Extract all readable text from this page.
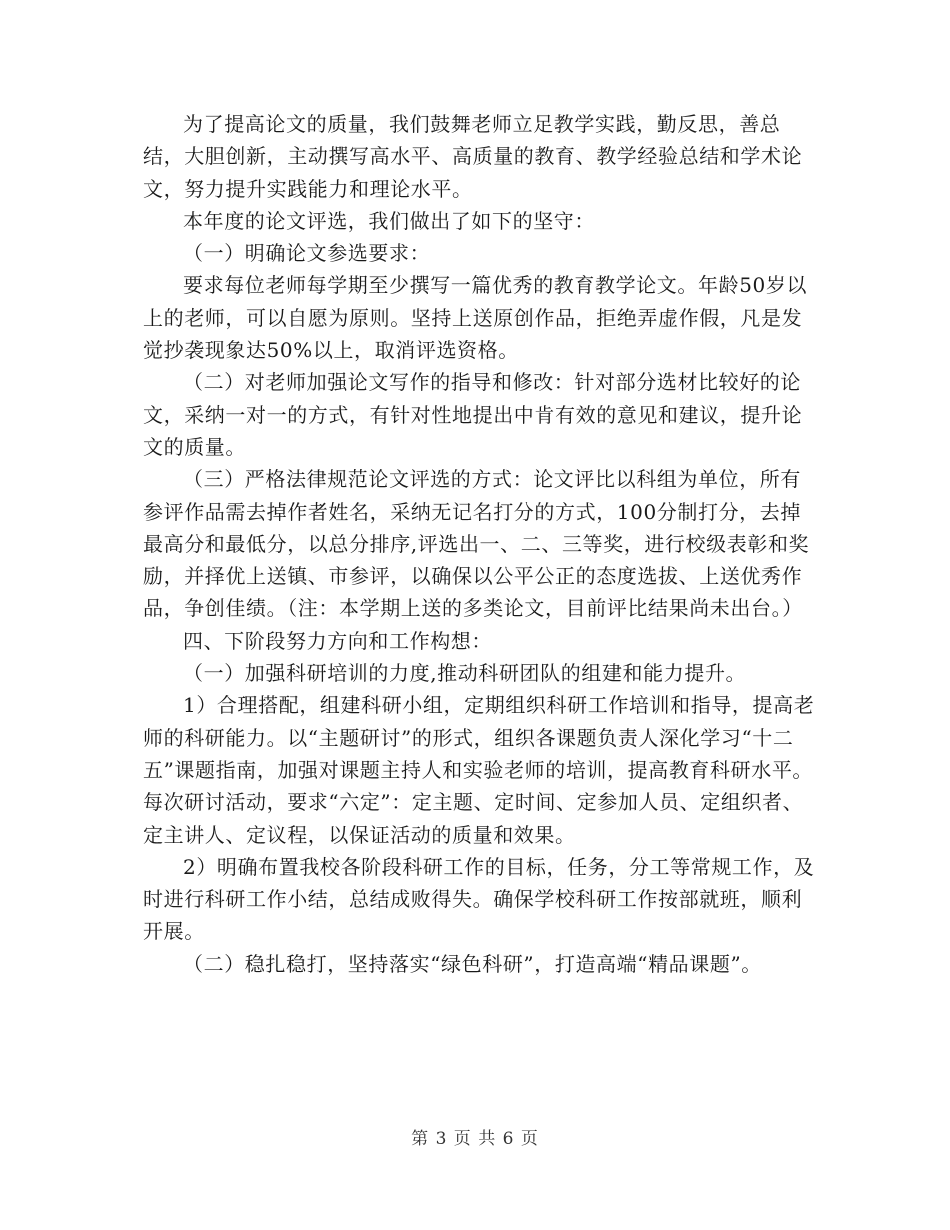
为了提高论文的质量，我们鼓舞老师立足教学实践，勤反思，善总结，大胆创新，主动撰写高水平、高质量的教育、教学经验总结和学术论文，努力提升实践能力和理论水平。

本年度的论文评选，我们做出了如下的坚守：

（一）明确论文参选要求：

要求每位老师每学期至少撰写一篇优秀的教育教学论文。年龄50岁以上的老师，可以自愿为原则。坚持上送原创作品，拒绝弄虚作假，凡是发觉抄袭现象达50%以上，取消评选资格。

（二）对老师加强论文写作的指导和修改：针对部分选材比较好的论文，采纳一对一的方式，有针对性地提出中肯有效的意见和建议，提升论文的质量。

（三）严格法律规范论文评选的方式：论文评比以科组为单位，所有参评作品需去掉作者姓名，采纳无记名打分的方式，100分制打分，去掉最高分和最低分，以总分排序,评选出一、二、三等奖，进行校级表彰和奖励，并择优上送镇、市参评，以确保以公平公正的态度选拔、上送优秀作品，争创佳绩。（注：本学期上送的多类论文，目前评比结果尚未出台。）

四、下阶段努力方向和工作构想：

（一）加强科研培训的力度,推动科研团队的组建和能力提升。

1）合理搭配，组建科研小组，定期组织科研工作培训和指导，提高老师的科研能力。以“主题研讨”的形式，组织各课题负责人深化学习“十二五”课题指南，加强对课题主持人和实验老师的培训，提高教育科研水平。每次研讨活动，要求“六定”：定主题、定时间、定参加人员、定组织者、定主讲人、定议程，以保证活动的质量和效果。

2）明确布置我校各阶段科研工作的目标，任务，分工等常规工作，及时进行科研工作小结，总结成败得失。确保学校科研工作按部就班，顺利开展。

（二）稳扎稳打，坚持落实“绿色科研”，打造高端“精品课题”。

第 3 页 共 6 页
